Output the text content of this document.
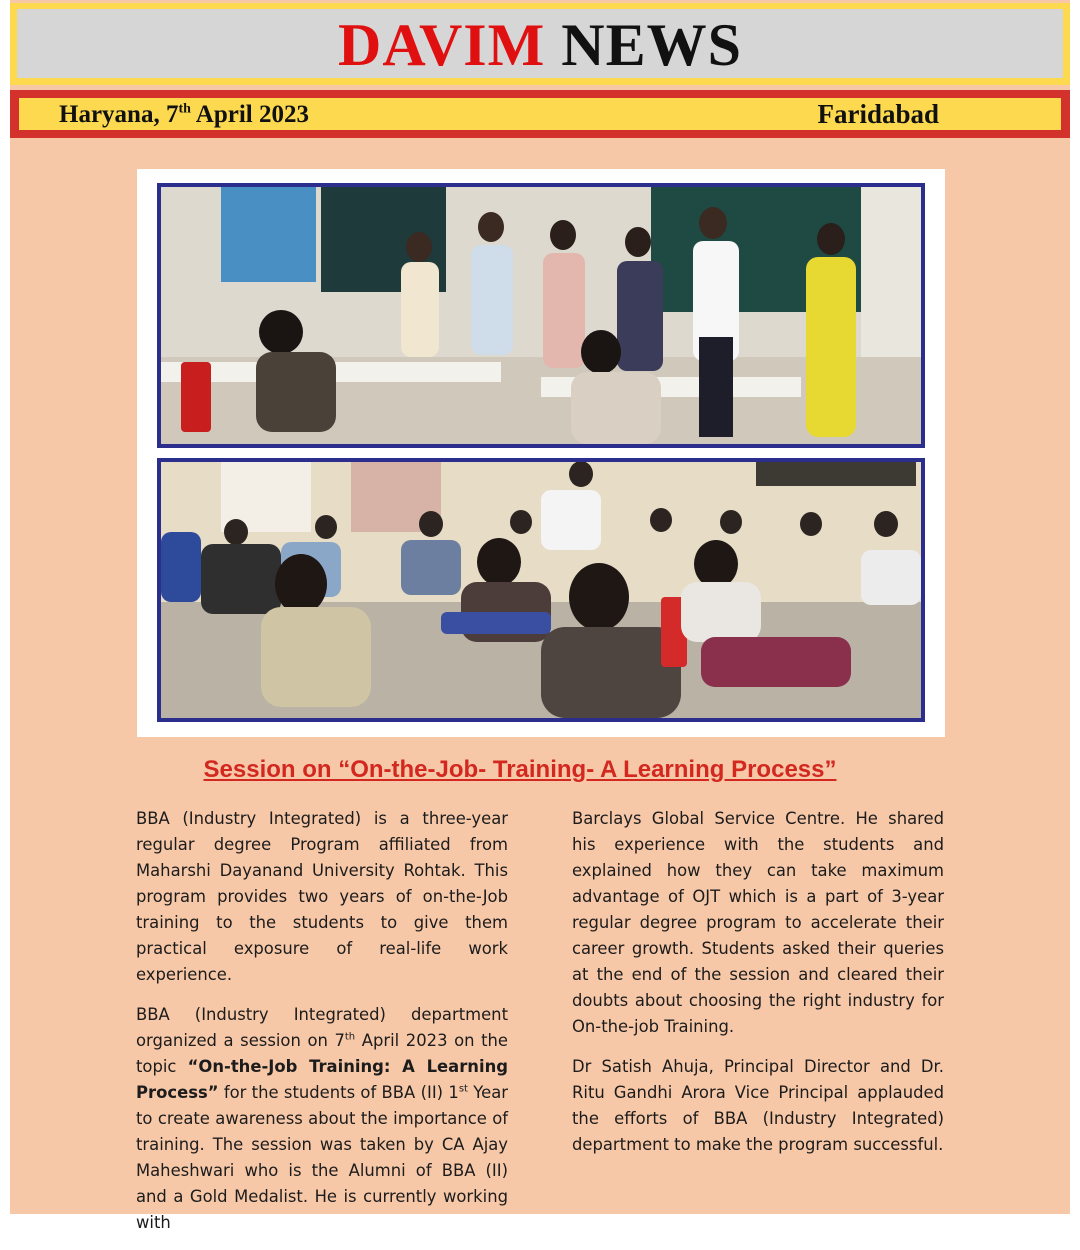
DAVIM NEWS
Haryana, 7th April 2023	Faridabad
Session on “On-the-Job- Training- A Learning Process”

BBA (Industry Integrated) is a three-year regular degree Program affiliated from Maharshi Dayanand University Rohtak. This program provides two years of on-the-Job training to the students to give them practical exposure of real-life work experience.

BBA (Industry Integrated) department organized a session on 7th April 2023 on the topic “On-the-Job Training: A Learning Process” for the students of BBA (II) 1st Year to create awareness about the importance of training. The session was taken by CA Ajay Maheshwari who is the Alumni of BBA (II) and a Gold Medalist. He is currently working with

Barclays Global Service Centre. He shared his experience with the students and explained how they can take maximum advantage of OJT which is a part of 3-year regular degree program to accelerate their career growth. Students asked their queries at the end of the session and cleared their doubts about choosing the right industry for On-the-job Training.

Dr Satish Ahuja, Principal Director and Dr. Ritu Gandhi Arora Vice Principal applauded the efforts of BBA (Industry Integrated) department to make the program successful.
